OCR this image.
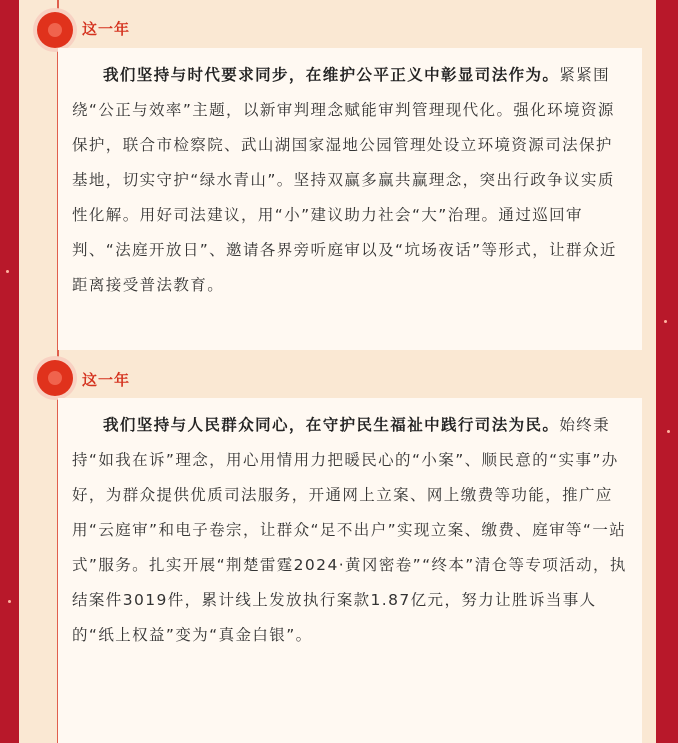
这一年

我们坚持与时代要求同步，在维护公平正义中彰显司法作为。紧紧围绕“公正与效率”主题，以新审判理念赋能审判管理现代化。强化环境资源保护，联合市检察院、武山湖国家湿地公园管理处设立环境资源司法保护基地，切实守护“绿水青山”。坚持双赢多赢共赢理念，突出行政争议实质性化解。用好司法建议，用“小”建议助力社会“大”治理。通过巡回审判、“法庭开放日”、邀请各界旁听庭审以及“坑场夜话”等形式，让群众近距离接受普法教育。

这一年

我们坚持与人民群众同心，在守护民生福祉中践行司法为民。始终秉持“如我在诉”理念，用心用情用力把暖民心的“小案”、顺民意的“实事”办好，为群众提供优质司法服务，开通网上立案、网上缴费等功能，推广应用“云庭审”和电子卷宗，让群众“足不出户”实现立案、缴费、庭审等“一站式”服务。扎实开展“荆楚雷霆2024·黄冈密卷”“终本”清仓等专项活动，执结案件3019件，累计线上发放执行案款1.87亿元，努力让胜诉当事人的“纸上权益”变为“真金白银”。
